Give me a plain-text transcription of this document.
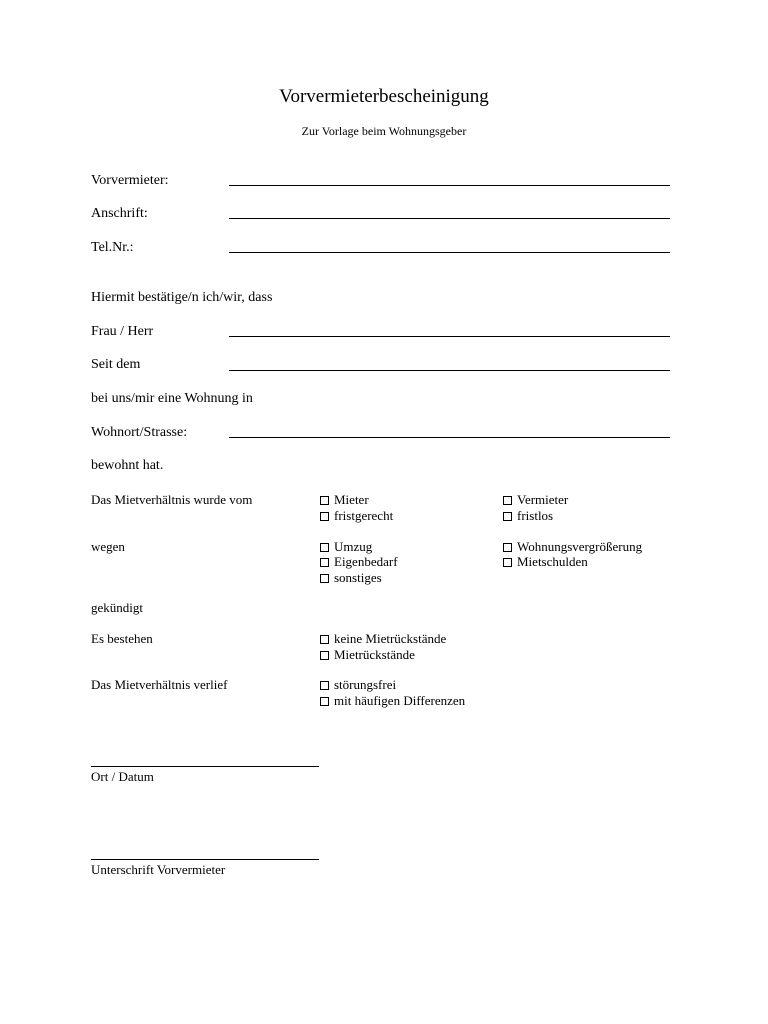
Vorvermieterbescheinigung
Zur Vorlage beim Wohnungsgeber
Vorvermieter:
Anschrift:
Tel.Nr.:
Hiermit bestätige/n ich/wir, dass
Frau / Herr
Seit dem
bei uns/mir eine Wohnung in
Wohnort/Strasse:
bewohnt hat.
Das Mietverhältnis wurde vom	Mieter	Vermieter
fristgerecht	fristlos
wegen	Umzug	Wohnungsvergrößerung
Eigenbedarf	Mietschulden
sonstiges
gekündigt
Es bestehen	keine Mietrückstände
Mietrückstände
Das Mietverhältnis verlief	störungsfrei
mit häufigen Differenzen
Ort / Datum
Unterschrift Vorvermieter
